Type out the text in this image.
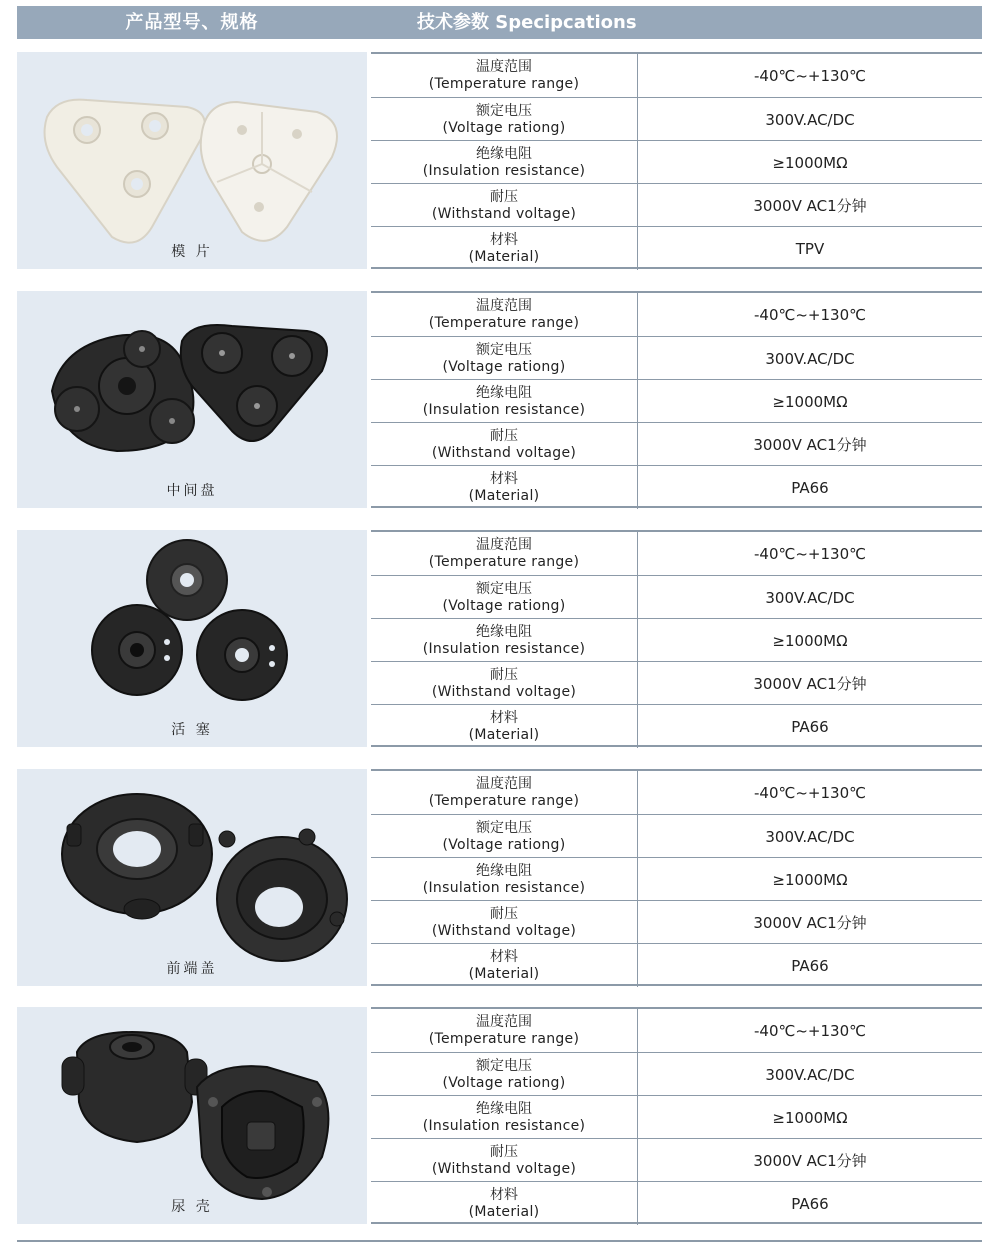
产品型号、规格	技术参数 Specipcations
模 片
温度范围
(Temperature range)	-40℃~+130℃
额定电压
(Voltage rationg)	300V.AC/DC
绝缘电阻
(Insulation resistance)	≥1000MΩ
耐压
(Withstand voltage)	3000V AC1分钟
材料
(Material)	TPV
中间盘
温度范围
(Temperature range)	-40℃~+130℃
额定电压
(Voltage rationg)	300V.AC/DC
绝缘电阻
(Insulation resistance)	≥1000MΩ
耐压
(Withstand voltage)	3000V AC1分钟
材料
(Material)	PA66
活 塞
温度范围
(Temperature range)	-40℃~+130℃
额定电压
(Voltage rationg)	300V.AC/DC
绝缘电阻
(Insulation resistance)	≥1000MΩ
耐压
(Withstand voltage)	3000V AC1分钟
材料
(Material)	PA66
前端盖
温度范围
(Temperature range)	-40℃~+130℃
额定电压
(Voltage rationg)	300V.AC/DC
绝缘电阻
(Insulation resistance)	≥1000MΩ
耐压
(Withstand voltage)	3000V AC1分钟
材料
(Material)	PA66
尿 壳
温度范围
(Temperature range)	-40℃~+130℃
额定电压
(Voltage rationg)	300V.AC/DC
绝缘电阻
(Insulation resistance)	≥1000MΩ
耐压
(Withstand voltage)	3000V AC1分钟
材料
(Material)	PA66
